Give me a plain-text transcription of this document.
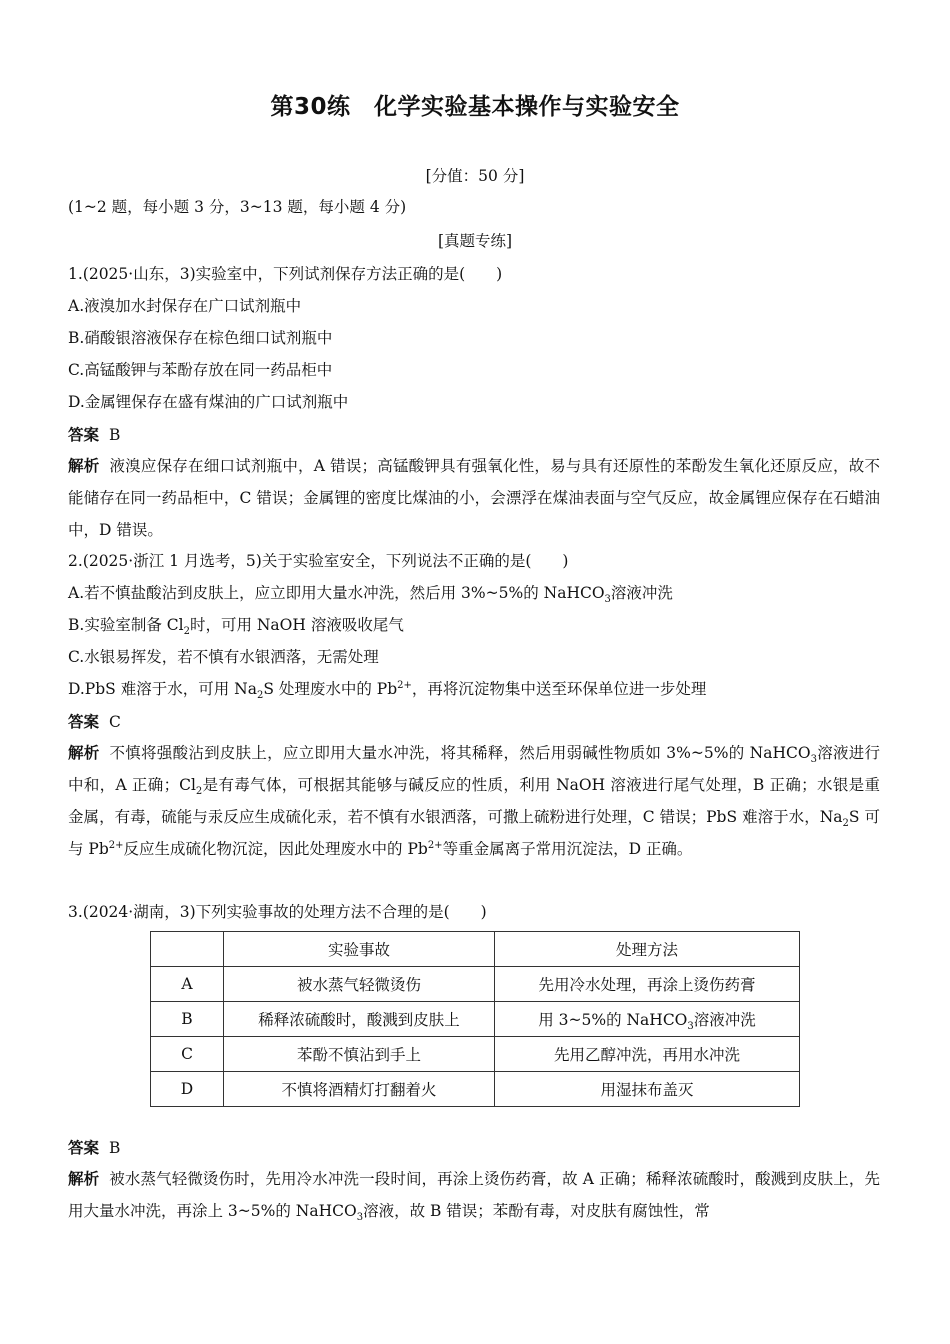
第30练　化学实验基本操作与实验安全
[分值：50 分]
(1~2 题，每小题 3 分，3~13 题，每小题 4 分)
[真题专练]
1.(2025·山东，3)实验室中，下列试剂保存方法正确的是(　　)
A.液溴加水封保存在广口试剂瓶中
B.硝酸银溶液保存在棕色细口试剂瓶中
C.高锰酸钾与苯酚存放在同一药品柜中
D.金属锂保存在盛有煤油的广口试剂瓶中
答案 B
解析 液溴应保存在细口试剂瓶中，A 错误；高锰酸钾具有强氧化性，易与具有还原性的苯酚发生氧化还原反应，故不能储存在同一药品柜中，C 错误；金属锂的密度比煤油的小，会漂浮在煤油表面与空气反应，故金属锂应保存在石蜡油中，D 错误。
2.(2025·浙江 1 月选考，5)关于实验室安全，下列说法不正确的是(　　)
A.若不慎盐酸沾到皮肤上，应立即用大量水冲洗，然后用 3%~5%的 NaHCO$_3$溶液冲洗
B.实验室制备 $Cl_2$时，可用 NaOH 溶液吸收尾气
C.水银易挥发，若不慎有水银洒落，无需处理
D.PbS 难溶于水，可用 $Na_2S$ 处理废水中的 $Pb^{2+}$，再将沉淀物集中送至环保单位进一步处理
答案 C
解析 不慎将强酸沾到皮肤上，应立即用大量水冲洗，将其稀释，然后用弱碱性物质如 3%~5%的 NaHCO$_3$溶液进行中和，A 正确；$Cl_2$是有毒气体，可根据其能够与碱反应的性质，利用 NaOH 溶液进行尾气处理，B 正确；水银是重金属，有毒，硫能与汞反应生成硫化汞，若不慎有水银洒落，可撒上硫粉进行处理，C 错误；PbS 难溶于水，$Na_2S$ 可与 $Pb^{2+}$反应生成硫化物沉淀，因此处理废水中的 $Pb^{2+}$等重金属离子常用沉淀法，D 正确。
3.(2024·湖南，3)下列实验事故的处理方法不合理的是(　　)
	实验事故	处理方法
A	被水蒸气轻微烫伤	先用冷水处理，再涂上烫伤药膏
B	稀释浓硫酸时，酸溅到皮肤上	用 3~5%的 NaHCO$_3$溶液冲洗
C	苯酚不慎沾到手上	先用乙醇冲洗，再用水冲洗
D	不慎将酒精灯打翻着火	用湿抹布盖灭
答案 B
解析 被水蒸气轻微烫伤时，先用冷水冲洗一段时间，再涂上烫伤药膏，故 A 正确；稀释浓硫酸时，酸溅到皮肤上，先用大量水冲洗，再涂上 3~5%的 NaHCO$_3$溶液，故 B 错误；苯酚有毒，对皮肤有腐蚀性，常
